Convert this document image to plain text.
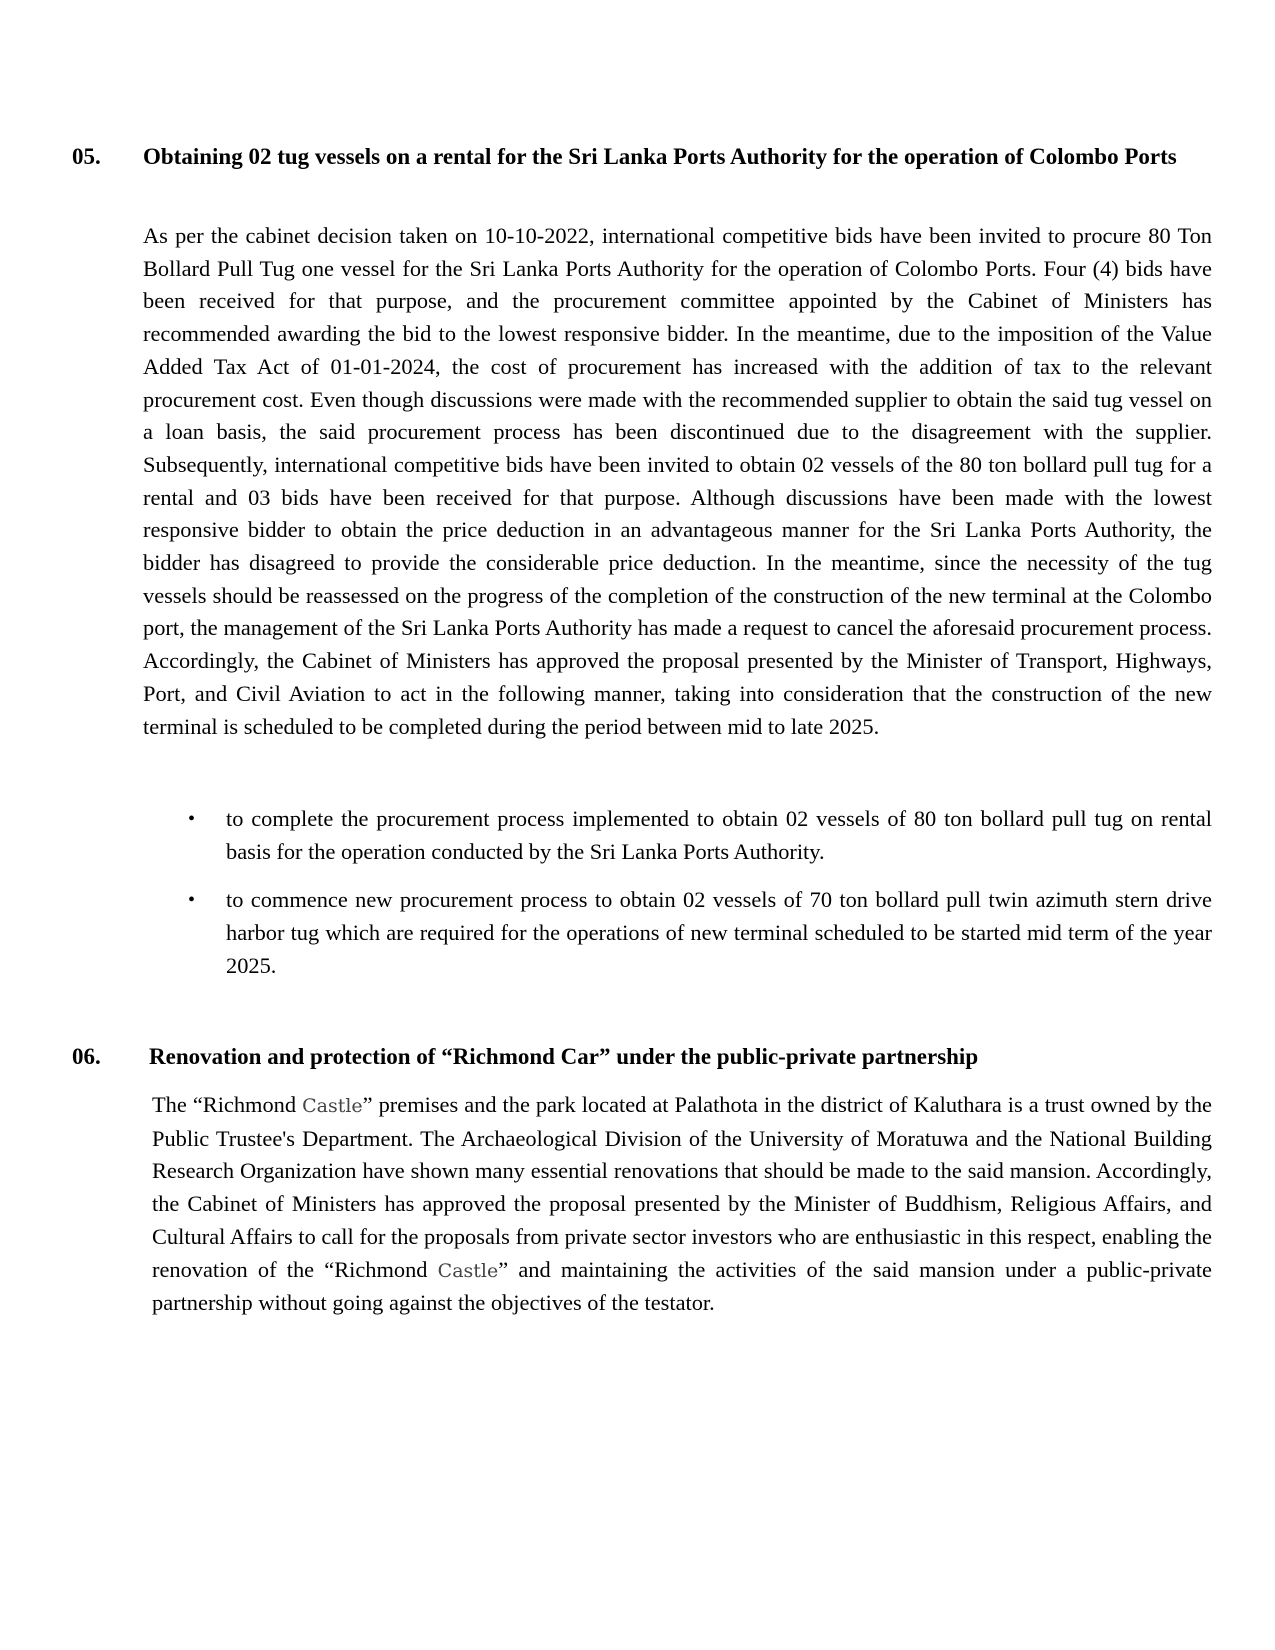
05. Obtaining 02 tug vessels on a rental for the Sri Lanka Ports Authority for the operation of Colombo Ports

As per the cabinet decision taken on 10-10-2022, international competitive bids have been invited to procure 80 Ton Bollard Pull Tug one vessel for the Sri Lanka Ports Authority for the operation of Colombo Ports. Four (4) bids have been received for that purpose, and the procurement committee appointed by the Cabinet of Ministers has recommended awarding the bid to the lowest responsive bidder. In the meantime, due to the imposition of the Value Added Tax Act of 01-01-2024, the cost of procurement has increased with the addition of tax to the relevant procurement cost. Even though discussions were made with the recommended supplier to obtain the said tug vessel on a loan basis, the said procurement process has been discontinued due to the disagreement with the supplier. Subsequently, international competitive bids have been invited to obtain 02 vessels of the 80 ton bollard pull tug for a rental and 03 bids have been received for that purpose. Although discussions have been made with the lowest responsive bidder to obtain the price deduction in an advantageous manner for the Sri Lanka Ports Authority, the bidder has disagreed to provide the considerable price deduction. In the meantime, since the necessity of the tug vessels should be reassessed on the progress of the completion of the construction of the new terminal at the Colombo port, the management of the Sri Lanka Ports Authority has made a request to cancel the aforesaid procurement process. Accordingly, the Cabinet of Ministers has approved the proposal presented by the Minister of Transport, Highways, Port, and Civil Aviation to act in the following manner, taking into consideration that the construction of the new terminal is scheduled to be completed during the period between mid to late 2025.

•	to complete the procurement process implemented to obtain 02 vessels of 80 ton bollard pull tug on rental basis for the operation conducted by the Sri Lanka Ports Authority.
•	to commence new procurement process to obtain 02 vessels of 70 ton bollard pull twin azimuth stern drive harbor tug which are required for the operations of new terminal scheduled to be started mid term of the year 2025.
06. Renovation and protection of “Richmond Car” under the public-private partnership

The “Richmond Castle” premises and the park located at Palathota in the district of Kaluthara is a trust owned by the Public Trustee's Department. The Archaeological Division of the University of Moratuwa and the National Building Research Organization have shown many essential renovations that should be made to the said mansion. Accordingly, the Cabinet of Ministers has approved the proposal presented by the Minister of Buddhism, Religious Affairs, and Cultural Affairs to call for the proposals from private sector investors who are enthusiastic in this respect, enabling the renovation of the “Richmond Castle” and maintaining the activities of the said mansion under a public-private partnership without going against the objectives of the testator.
